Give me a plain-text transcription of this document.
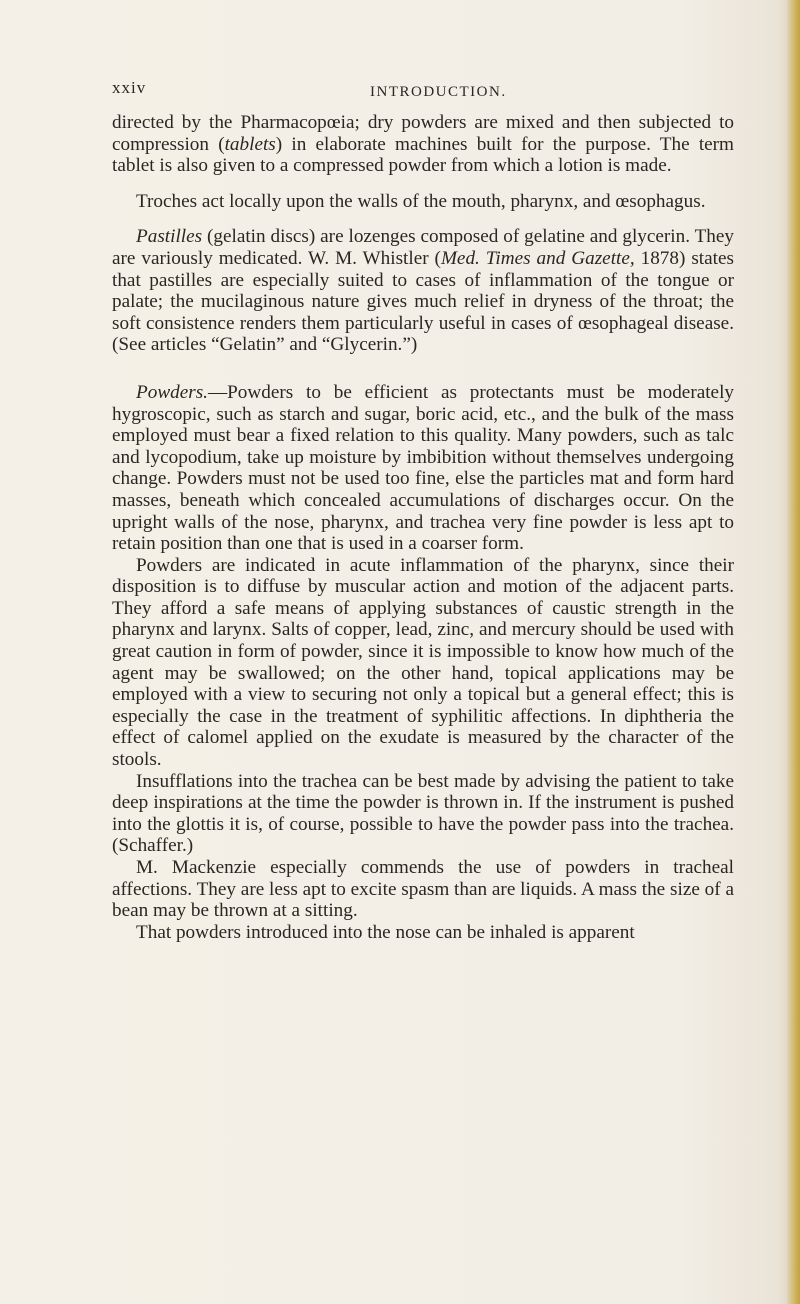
xxiv	INTRODUCTION.

directed by the Pharmacopœia; dry powders are mixed and then subjected to compression (tablets) in elaborate machines built for the purpose. The term tablet is also given to a compressed powder from which a lotion is made.

Troches act locally upon the walls of the mouth, pharynx, and œsophagus.

Pastilles (gelatin discs) are lozenges composed of gelatine and glycerin. They are variously medicated. W. M. Whistler (Med. Times and Gazette, 1878) states that pastilles are especially suited to cases of inflammation of the tongue or palate; the mucilaginous nature gives much relief in dryness of the throat; the soft consistence renders them particularly useful in cases of œsophageal disease. (See articles “Gelatin” and “Glycerin.”)

Powders.—Powders to be efficient as protectants must be moderately hygroscopic, such as starch and sugar, boric acid, etc., and the bulk of the mass employed must bear a fixed relation to this quality. Many powders, such as talc and lycopodium, take up moisture by imbibition without themselves undergoing change. Powders must not be used too fine, else the particles mat and form hard masses, beneath which concealed accumulations of discharges occur. On the upright walls of the nose, pharynx, and trachea very fine powder is less apt to retain position than one that is used in a coarser form.

Powders are indicated in acute inflammation of the pharynx, since their disposition is to diffuse by muscular action and motion of the adjacent parts. They afford a safe means of applying substances of caustic strength in the pharynx and larynx. Salts of copper, lead, zinc, and mercury should be used with great caution in form of powder, since it is impossible to know how much of the agent may be swallowed; on the other hand, topical applications may be employed with a view to securing not only a topical but a general effect; this is especially the case in the treatment of syphilitic affections. In diphtheria the effect of calomel applied on the exudate is measured by the character of the stools.

Insufflations into the trachea can be best made by advising the patient to take deep inspirations at the time the powder is thrown in. If the instrument is pushed into the glottis it is, of course, possible to have the powder pass into the trachea. (Schaffer.)

M. Mackenzie especially commends the use of powders in tracheal affections. They are less apt to excite spasm than are liquids. A mass the size of a bean may be thrown at a sitting.

That powders introduced into the nose can be inhaled is apparent
